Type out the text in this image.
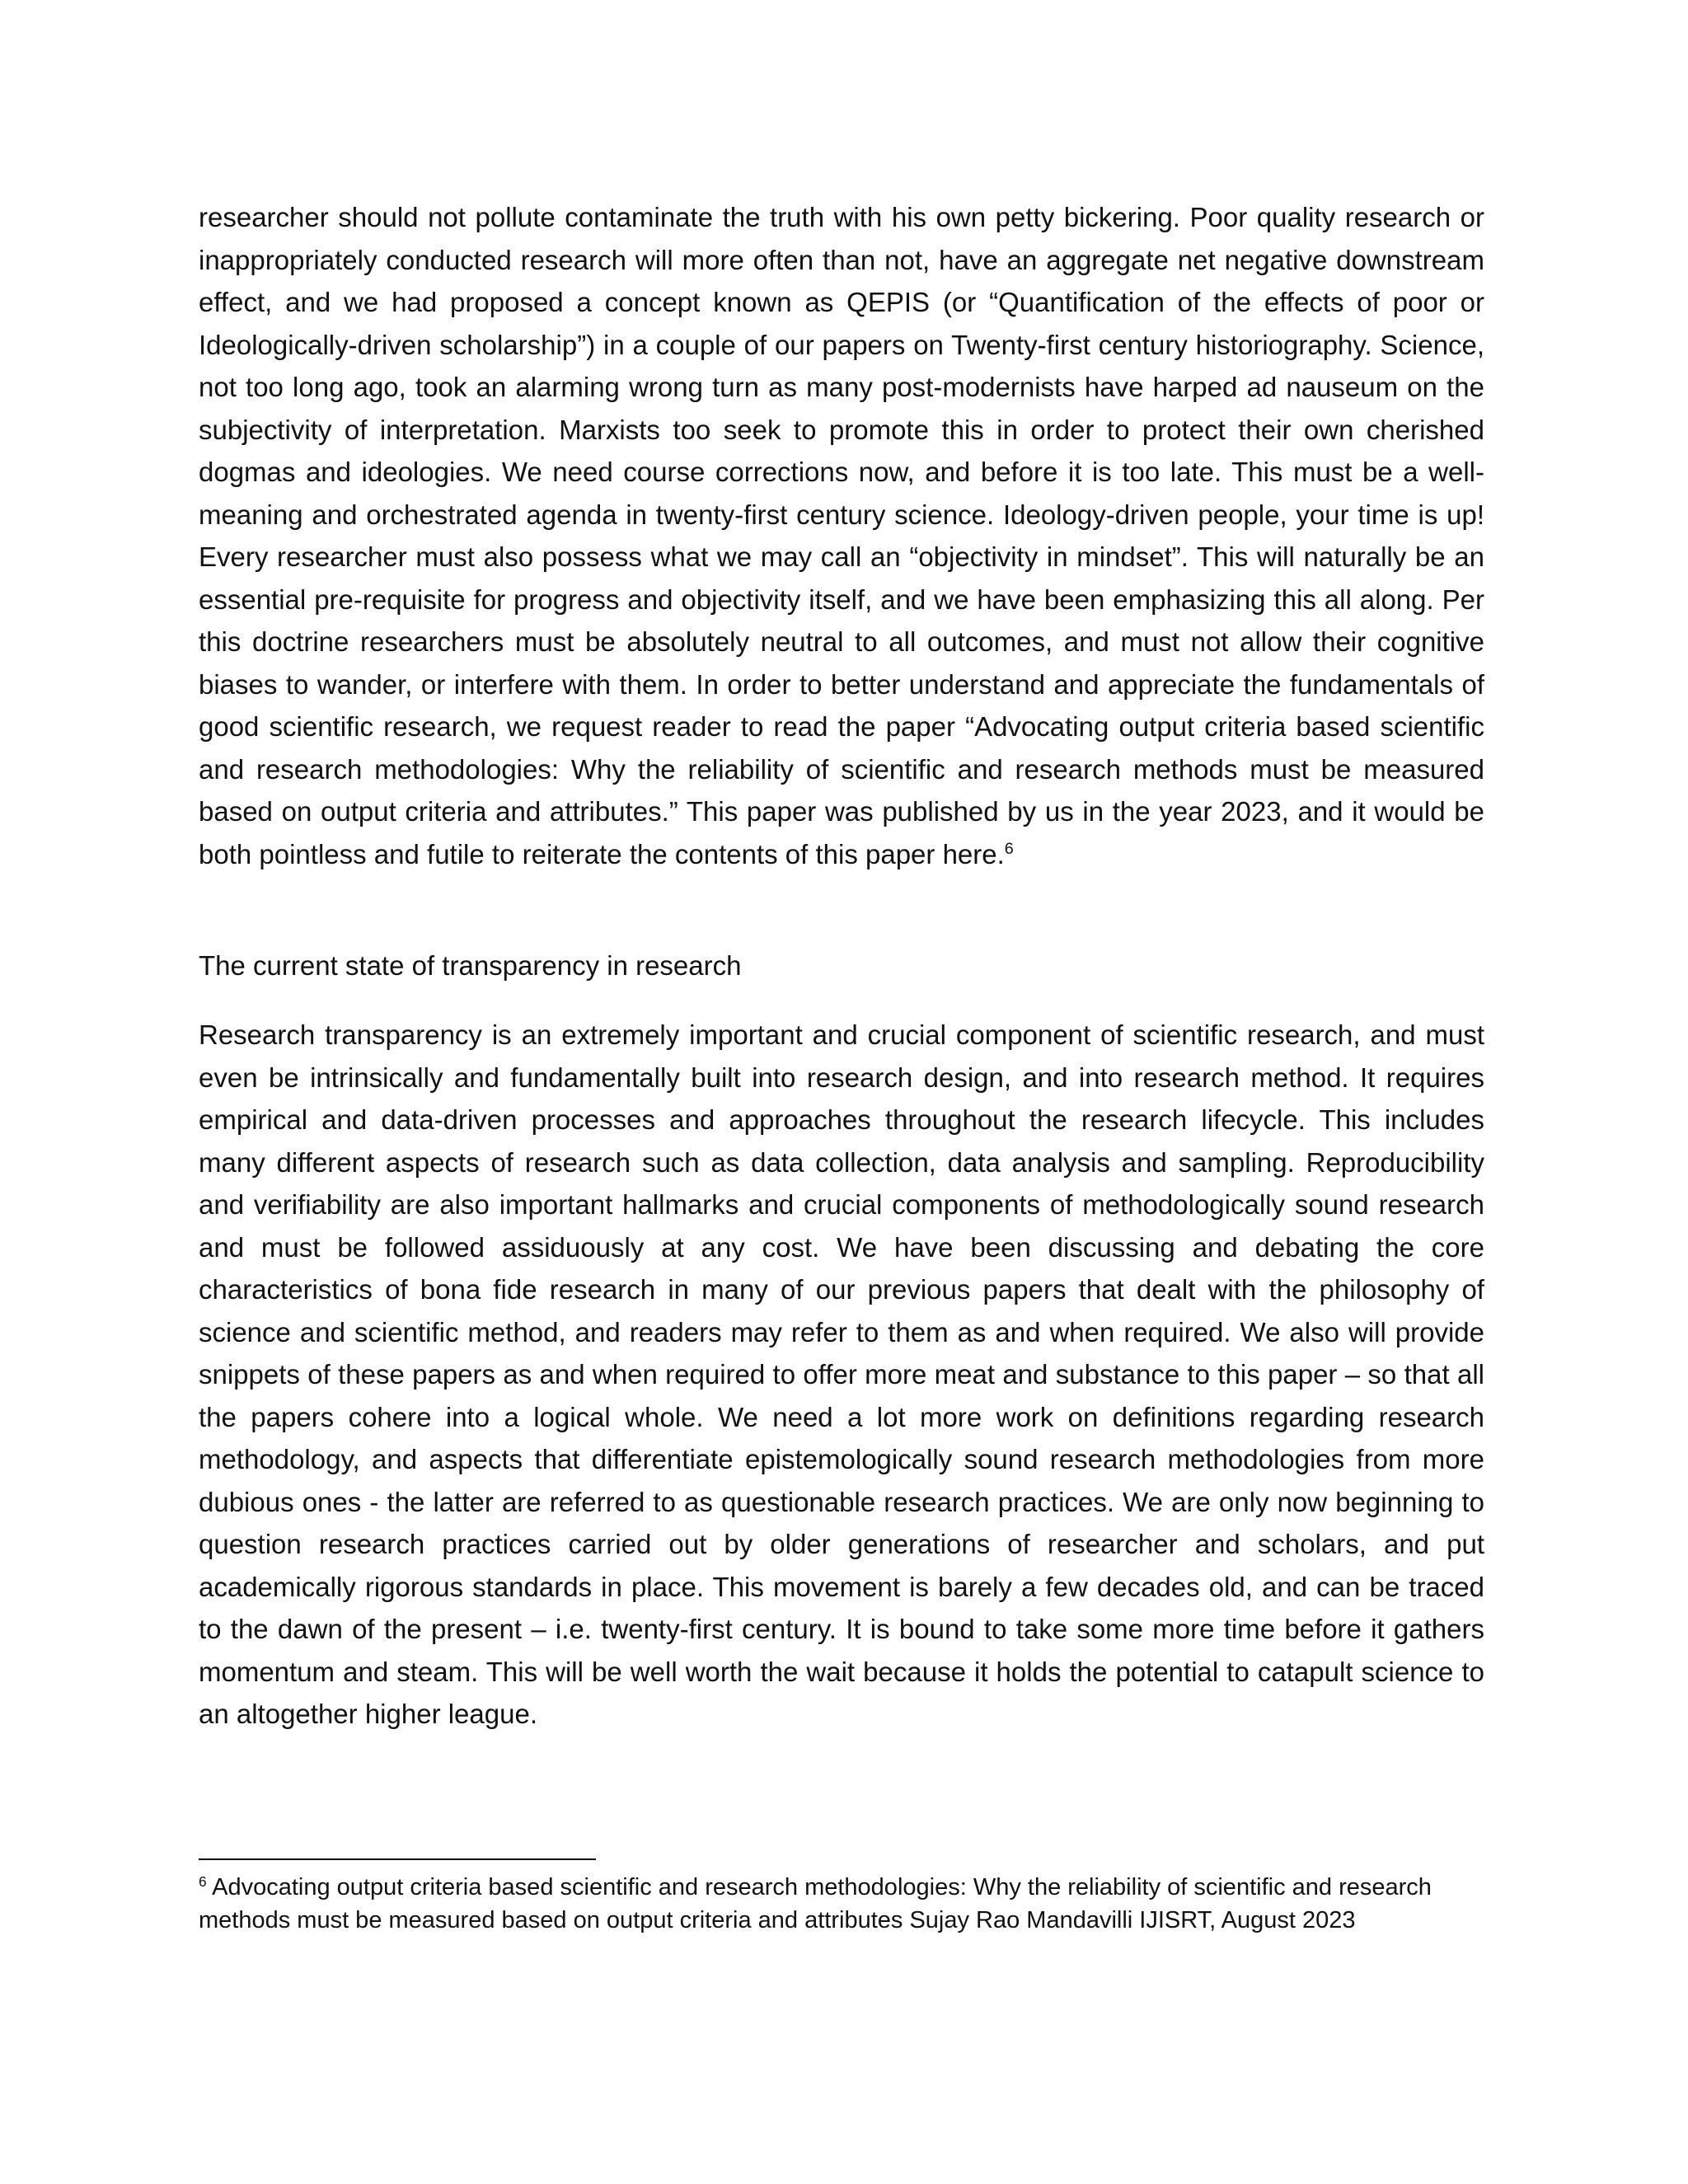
researcher should not pollute contaminate the truth with his own petty bickering. Poor quality research or inappropriately conducted research will more often than not, have an aggregate net negative downstream effect, and we had proposed a concept known as QEPIS (or “Quantification of the effects of poor or Ideologically-driven scholarship”) in a couple of our papers on Twenty-first century historiography. Science, not too long ago, took an alarming wrong turn as many post-modernists have harped ad nauseum on the subjectivity of interpretation. Marxists too seek to promote this in order to protect their own cherished dogmas and ideologies. We need course corrections now, and before it is too late. This must be a well-meaning and orchestrated agenda in twenty-first century science. Ideology-driven people, your time is up! Every researcher must also possess what we may call an “objectivity in mindset”. This will naturally be an essential pre-requisite for progress and objectivity itself, and we have been emphasizing this all along. Per this doctrine researchers must be absolutely neutral to all outcomes, and must not allow their cognitive biases to wander, or interfere with them. In order to better understand and appreciate the fundamentals of good scientific research, we request reader to read the paper “Advocating output criteria based scientific and research methodologies: Why the reliability of scientific and research methods must be measured based on output criteria and attributes.” This paper was published by us in the year 2023, and it would be both pointless and futile to reiterate the contents of this paper here.$^6$

The current state of transparency in research

Research transparency is an extremely important and crucial component of scientific research, and must even be intrinsically and fundamentally built into research design, and into research method. It requires empirical and data-driven processes and approaches throughout the research lifecycle. This includes many different aspects of research such as data collection, data analysis and sampling. Reproducibility and verifiability are also important hallmarks and crucial components of methodologically sound research and must be followed assiduously at any cost. We have been discussing and debating the core characteristics of bona fide research in many of our previous papers that dealt with the philosophy of science and scientific method, and readers may refer to them as and when required. We also will provide snippets of these papers as and when required to offer more meat and substance to this paper – so that all the papers cohere into a logical whole. We need a lot more work on definitions regarding research methodology, and aspects that differentiate epistemologically sound research methodologies from more dubious ones - the latter are referred to as questionable research practices. We are only now beginning to question research practices carried out by older generations of researcher and scholars, and put academically rigorous standards in place. This movement is barely a few decades old, and can be traced to the dawn of the present – i.e. twenty-first century. It is bound to take some more time before it gathers momentum and steam. This will be well worth the wait because it holds the potential to catapult science to an altogether higher league.

$^6$ Advocating output criteria based scientific and research methodologies: Why the reliability of scientific and research methods must be measured based on output criteria and attributes Sujay Rao Mandavilli IJISRT, August 2023
